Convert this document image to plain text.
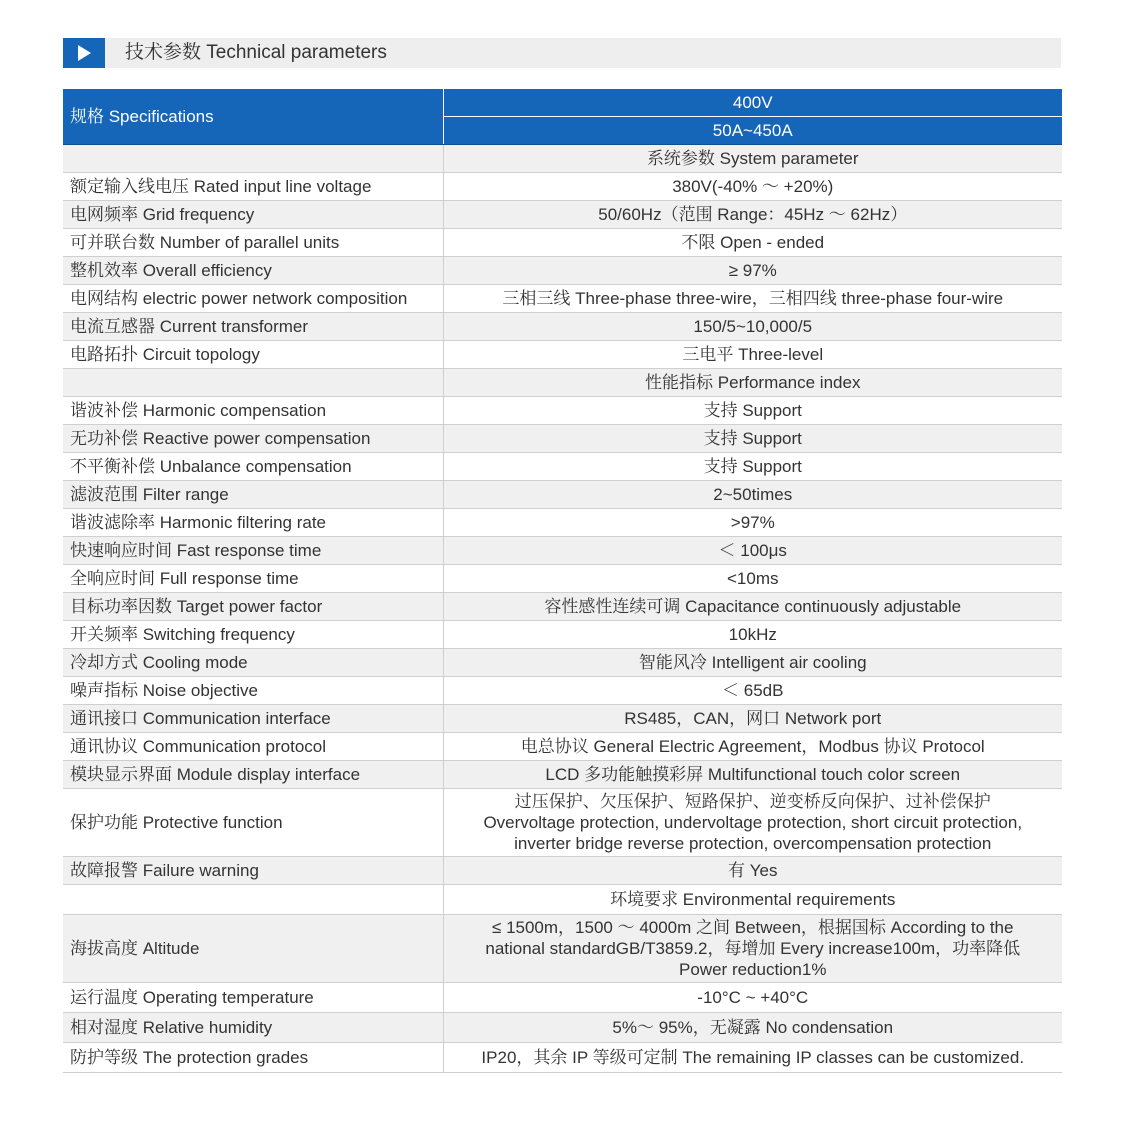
技术参数 Technical parameters
规格 Specifications	400V
	50A~450A
	系统参数 System parameter
额定输入线电压 Rated input line voltage	380V(-40% ～ +20%)
电网频率 Grid frequency	50/60Hz（范围 Range：45Hz ～ 62Hz）
可并联台数 Number of parallel units	不限 Open - ended
整机效率 Overall efficiency	≥ 97%
电网结构 electric power network composition	三相三线 Three-phase three-wire，三相四线 three-phase four-wire
电流互感器 Current transformer	150/5~10,000/5
电路拓扑 Circuit topology	三电平 Three-level
	性能指标 Performance index
谐波补偿 Harmonic compensation	支持 Support
无功补偿 Reactive power compensation	支持 Support
不平衡补偿 Unbalance compensation	支持 Support
滤波范围 Filter range	2~50times
谐波滤除率 Harmonic filtering rate	>97%
快速响应时间 Fast response time	＜ 100μs
全响应时间 Full response time	<10ms
目标功率因数 Target power factor	容性感性连续可调 Capacitance continuously adjustable
开关频率 Switching frequency	10kHz
冷却方式 Cooling mode	智能风冷 Intelligent air cooling
噪声指标 Noise objective	＜ 65dB
通讯接口 Communication interface	RS485，CAN，网口 Network port
通讯协议 Communication protocol	电总协议 General Electric Agreement，Modbus 协议 Protocol
模块显示界面 Module display interface	LCD 多功能触摸彩屏 Multifunctional touch color screen
保护功能 Protective function	过压保护、欠压保护、短路保护、逆变桥反向保护、过补偿保护
Overvoltage protection, undervoltage protection, short circuit protection,
inverter bridge reverse protection, overcompensation protection

故障报警 Failure warning	有 Yes
	环境要求 Environmental requirements
海拔高度 Altitude	≤ 1500m，1500 ～ 4000m 之间 Between，根据国标 According to the
national standardGB/T3859.2，每增加 Every increase100m，功率降低
Power reduction1%

运行温度 Operating temperature	-10°C ~ +40°C
相对湿度 Relative humidity	5%～ 95%，无凝露 No condensation
防护等级 The protection grades	IP20，其余 IP 等级可定制 The remaining IP classes can be customized.
